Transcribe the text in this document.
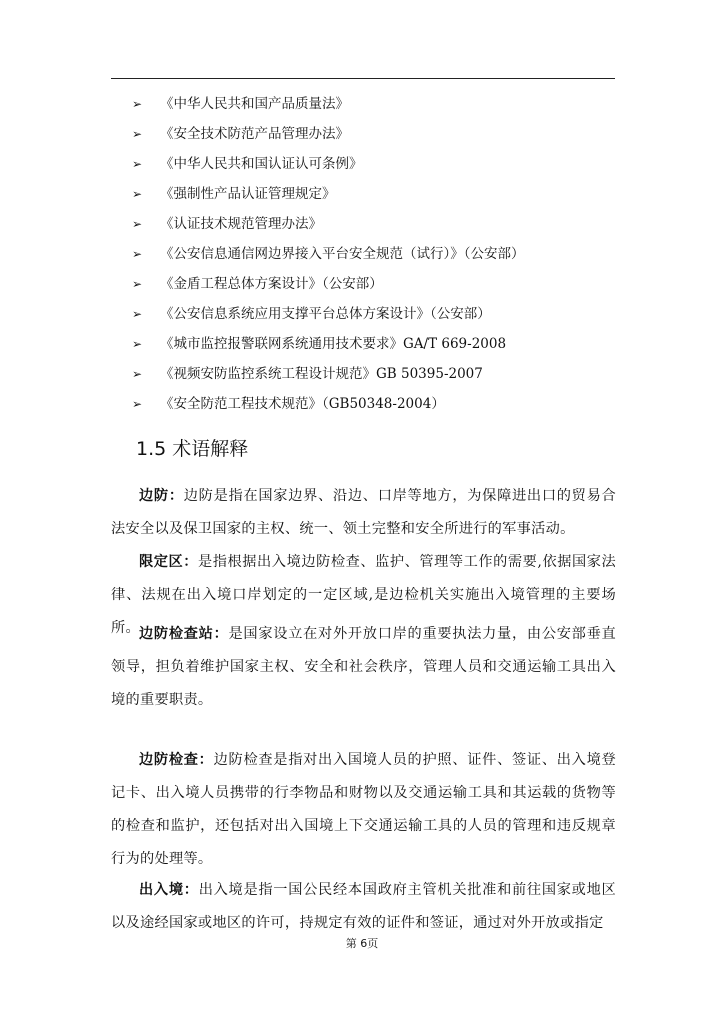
➢	《中华人民共和国产品质量法》
➢	《安全技术防范产品管理办法》
➢	《中华人民共和国认证认可条例》
➢	《强制性产品认证管理规定》
➢	《认证技术规范管理办法》
➢	《公安信息通信网边界接入平台安全规范（试行）》（公安部）
➢	《金盾工程总体方案设计》（公安部）
➢	《公安信息系统应用支撑平台总体方案设计》（公安部）
➢	《城市监控报警联网系统通用技术要求》GA/T 669-2008
➢	《视频安防监控系统工程设计规范》GB 50395-2007
➢	《安全防范工程技术规范》（GB50348-2004）
1.5 术语解释

边防：边防是指在国家边界、沿边、口岸等地方，为保障进出口的贸易合法安全以及保卫国家的主权、统一、领土完整和安全所进行的军事活动。

限定区：是指根据出入境边防检查、监护、管理等工作的需要,依据国家法律、法规在出入境口岸划定的一定区域,是边检机关实施出入境管理的主要场所。 边防检查站：是国家设立在对外开放口岸的重要执法力量，由公安部垂直领导，担负着维护国家主权、安全和社会秩序，管理人员和交通运输工具出入境的重要职责。

边防检查：边防检查是指对出入国境人员的护照、证件、签证、出入境登记卡、出入境人员携带的行李物品和财物以及交通运输工具和其运载的货物等的检查和监护，还包括对出入国境上下交通运输工具的人员的管理和违反规章行为的处理等。

出入境：出入境是指一国公民经本国政府主管机关批准和前往国家或地区以及途经国家或地区的许可，持规定有效的证件和签证，通过对外开放或指定

第 6页
